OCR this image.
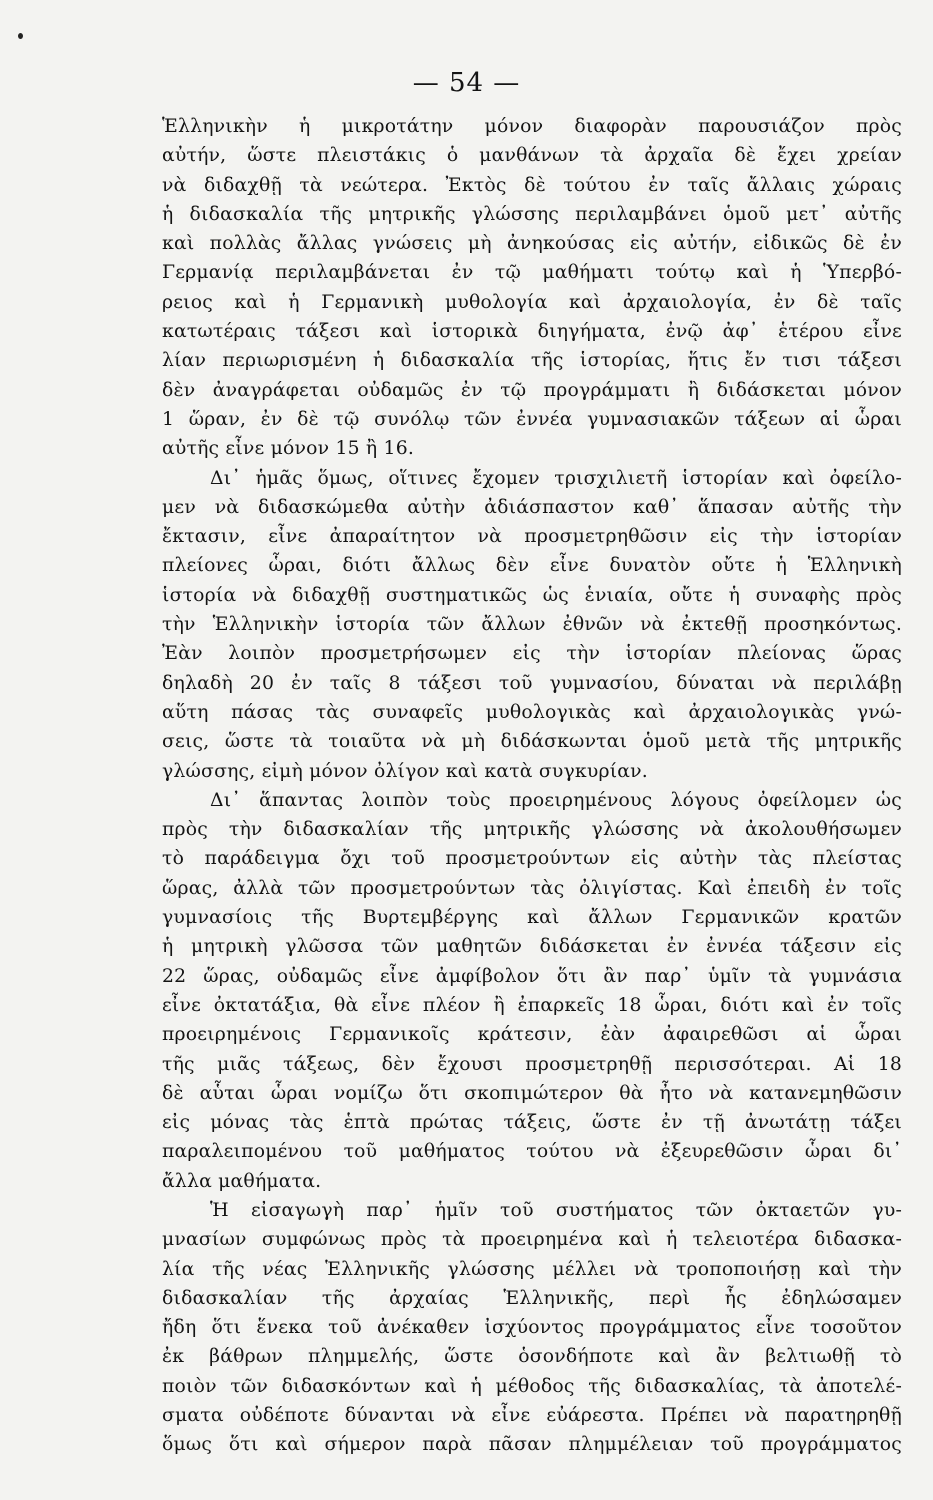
— 54 —
Ἑλληνικὴν ἡ μικροτάτην μόνον διαφορὰν παρουσιάζον πρὸς
αὐτήν, ὥστε πλειστάκις ὁ μανθάνων τὰ ἀρχαῖα δὲ ἔχει χρείαν
νὰ διδαχθῇ τὰ νεώτερα. Ἐκτὸς δὲ τούτου ἐν ταῖς ἄλλαις χώραις
ἡ διδασκαλία τῆς μητρικῆς γλώσσης περιλαμβάνει ὁμοῦ μετ᾽ αὐτῆς
καὶ πολλὰς ἄλλας γνώσεις μὴ ἀνηκούσας εἰς αὐτήν, εἰδικῶς δὲ ἐν
Γερμανίᾳ περιλαμβάνεται ἐν τῷ μαθήματι τούτῳ καὶ ἡ Ὑπερβό-
ρειος καὶ ἡ Γερμανικὴ μυθολογία καὶ ἀρχαιολογία, ἐν δὲ ταῖς
κατωτέραις τάξεσι καὶ ἱστορικὰ διηγήματα, ἐνῷ ἀφ᾽ ἑτέρου εἶνε
λίαν περιωρισμένη ἡ διδασκαλία τῆς ἱστορίας, ἥτις ἔν τισι τάξεσι
δὲν ἀναγράφεται οὐδαμῶς ἐν τῷ προγράμματι ἢ διδάσκεται μόνον
1 ὥραν, ἐν δὲ τῷ συνόλῳ τῶν ἐννέα γυμνασιακῶν τάξεων αἱ ὧραι
αὐτῆς εἶνε μόνον 15 ἢ 16.
Δι᾽ ἡμᾶς ὅμως, οἵτινες ἔχομεν τρισχιλιετῆ ἱστορίαν καὶ ὀφείλο-
μεν νὰ διδασκώμεθα αὐτὴν ἀδιάσπαστον καθ᾽ ἅπασαν αὐτῆς τὴν
ἔκτασιν, εἶνε ἀπαραίτητον νὰ προσμετρηθῶσιν εἰς τὴν ἱστορίαν
πλείονες ὧραι, διότι ἄλλως δὲν εἶνε δυνατὸν οὔτε ἡ Ἑλληνικὴ
ἱστορία νὰ διδαχθῇ συστηματικῶς ὡς ἑνιαία, οὔτε ἡ συναφὴς πρὸς
τὴν Ἑλληνικὴν ἱστορία τῶν ἄλλων ἐθνῶν νὰ ἐκτεθῇ προσηκόντως.
Ἐὰν λοιπὸν προσμετρήσωμεν εἰς τὴν ἱστορίαν πλείονας ὥρας
δηλαδὴ 20 ἐν ταῖς 8 τάξεσι τοῦ γυμνασίου, δύναται νὰ περιλάβῃ
αὕτη πάσας τὰς συναφεῖς μυθολογικὰς καὶ ἀρχαιολογικὰς γνώ-
σεις, ὥστε τὰ τοιαῦτα νὰ μὴ διδάσκωνται ὁμοῦ μετὰ τῆς μητρικῆς
γλώσσης, εἰμὴ μόνον ὀλίγον καὶ κατὰ συγκυρίαν.
Δι᾽ ἅπαντας λοιπὸν τοὺς προειρημένους λόγους ὀφείλομεν ὡς
πρὸς τὴν διδασκαλίαν τῆς μητρικῆς γλώσσης νὰ ἀκολουθήσωμεν
τὸ παράδειγμα ὄχι τοῦ προσμετρούντων εἰς αὐτὴν τὰς πλείστας
ὥρας, ἀλλὰ τῶν προσμετρούντων τὰς ὀλιγίστας. Καὶ ἐπειδὴ ἐν τοῖς
γυμνασίοις τῆς Βυρτεμβέργης καὶ ἄλλων Γερμανικῶν κρατῶν
ἡ μητρικὴ γλῶσσα τῶν μαθητῶν διδάσκεται ἐν ἐννέα τάξεσιν εἰς
22 ὥρας, οὐδαμῶς εἶνε ἀμφίβολον ὅτι ἂν παρ᾽ ὑμῖν τὰ γυμνάσια
εἶνε ὀκτατάξια, θὰ εἶνε πλέον ἢ ἐπαρκεῖς 18 ὧραι, διότι καὶ ἐν τοῖς
προειρημένοις Γερμανικοῖς κράτεσιν, ἐὰν ἀφαιρεθῶσι αἱ ὧραι
τῆς μιᾶς τάξεως, δὲν ἔχουσι προσμετρηθῇ περισσότεραι. Αἱ 18
δὲ αὗται ὧραι νομίζω ὅτι σκοπιμώτερον θὰ ἦτο νὰ κατανεμηθῶσιν
εἰς μόνας τὰς ἑπτὰ πρώτας τάξεις, ὥστε ἐν τῇ ἀνωτάτῃ τάξει
παραλειπομένου τοῦ μαθήματος τούτου νὰ ἐξευρεθῶσιν ὧραι δι᾽
ἄλλα μαθήματα.
Ἡ εἰσαγωγὴ παρ᾽ ἡμῖν τοῦ συστήματος τῶν ὀκταετῶν γυ-
μνασίων συμφώνως πρὸς τὰ προειρημένα καὶ ἡ τελειοτέρα διδασκα-
λία τῆς νέας Ἑλληνικῆς γλώσσης μέλλει νὰ τροποποιήσῃ καὶ τὴν
διδασκαλίαν τῆς ἀρχαίας Ἑλληνικῆς, περὶ ἧς ἐδηλώσαμεν
ἤδη ὅτι ἕνεκα τοῦ ἀνέκαθεν ἰσχύοντος προγράμματος εἶνε τοσοῦτον
ἐκ βάθρων πλημμελής, ὥστε ὁσονδήποτε καὶ ἂν βελτιωθῇ τὸ
ποιὸν τῶν διδασκόντων καὶ ἡ μέθοδος τῆς διδασκαλίας, τὰ ἀποτελέ-
σματα οὐδέποτε δύνανται νὰ εἶνε εὐάρεστα. Πρέπει νὰ παρατηρηθῇ
ὅμως ὅτι καὶ σήμερον παρὰ πᾶσαν πλημμέλειαν τοῦ προγράμματος
